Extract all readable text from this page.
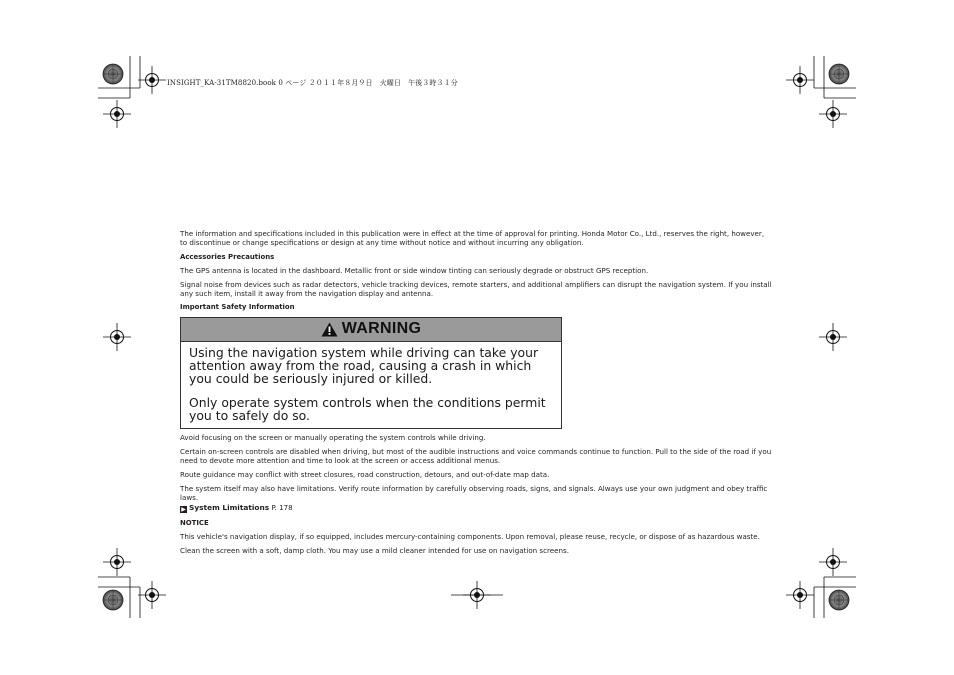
INSIGHT_KA-31TM8820.book 0 ページ ２０１１年８月９日　火曜日　午後３時３１分

The information and specifications included in this publication were in effect at the time of approval for printing. Honda Motor Co., Ltd., reserves the right, however, to discontinue or change specifications or design at any time without notice and without incurring any obligation.

Accessories Precautions

The GPS antenna is located in the dashboard. Metallic front or side window tinting can seriously degrade or obstruct GPS reception.

Signal noise from devices such as radar detectors, vehicle tracking devices, remote starters, and additional amplifiers can disrupt the navigation system. If you install any such item, install it away from the navigation display and antenna.

Important Safety Information
WARNING

Using the navigation system while driving can take your attention away from the road, causing a crash in which you could be seriously injured or killed.

Only operate system controls when the conditions permit you to safely do so.

Avoid focusing on the screen or manually operating the system controls while driving.

Certain on-screen controls are disabled when driving, but most of the audible instructions and voice commands continue to function. Pull to the side of the road if you need to devote more attention and time to look at the screen or access additional menus.

Route guidance may conflict with street closures, road construction, detours, and out-of-date map data.

The system itself may also have limitations. Verify route information by carefully observing roads, signs, and signals. Always use your own judgment and obey traffic laws.

▶ System Limitations P. 178
NOTICE

This vehicle's navigation display, if so equipped, includes mercury-containing components. Upon removal, please reuse, recycle, or dispose of as hazardous waste.

Clean the screen with a soft, damp cloth. You may use a mild cleaner intended for use on navigation screens.
